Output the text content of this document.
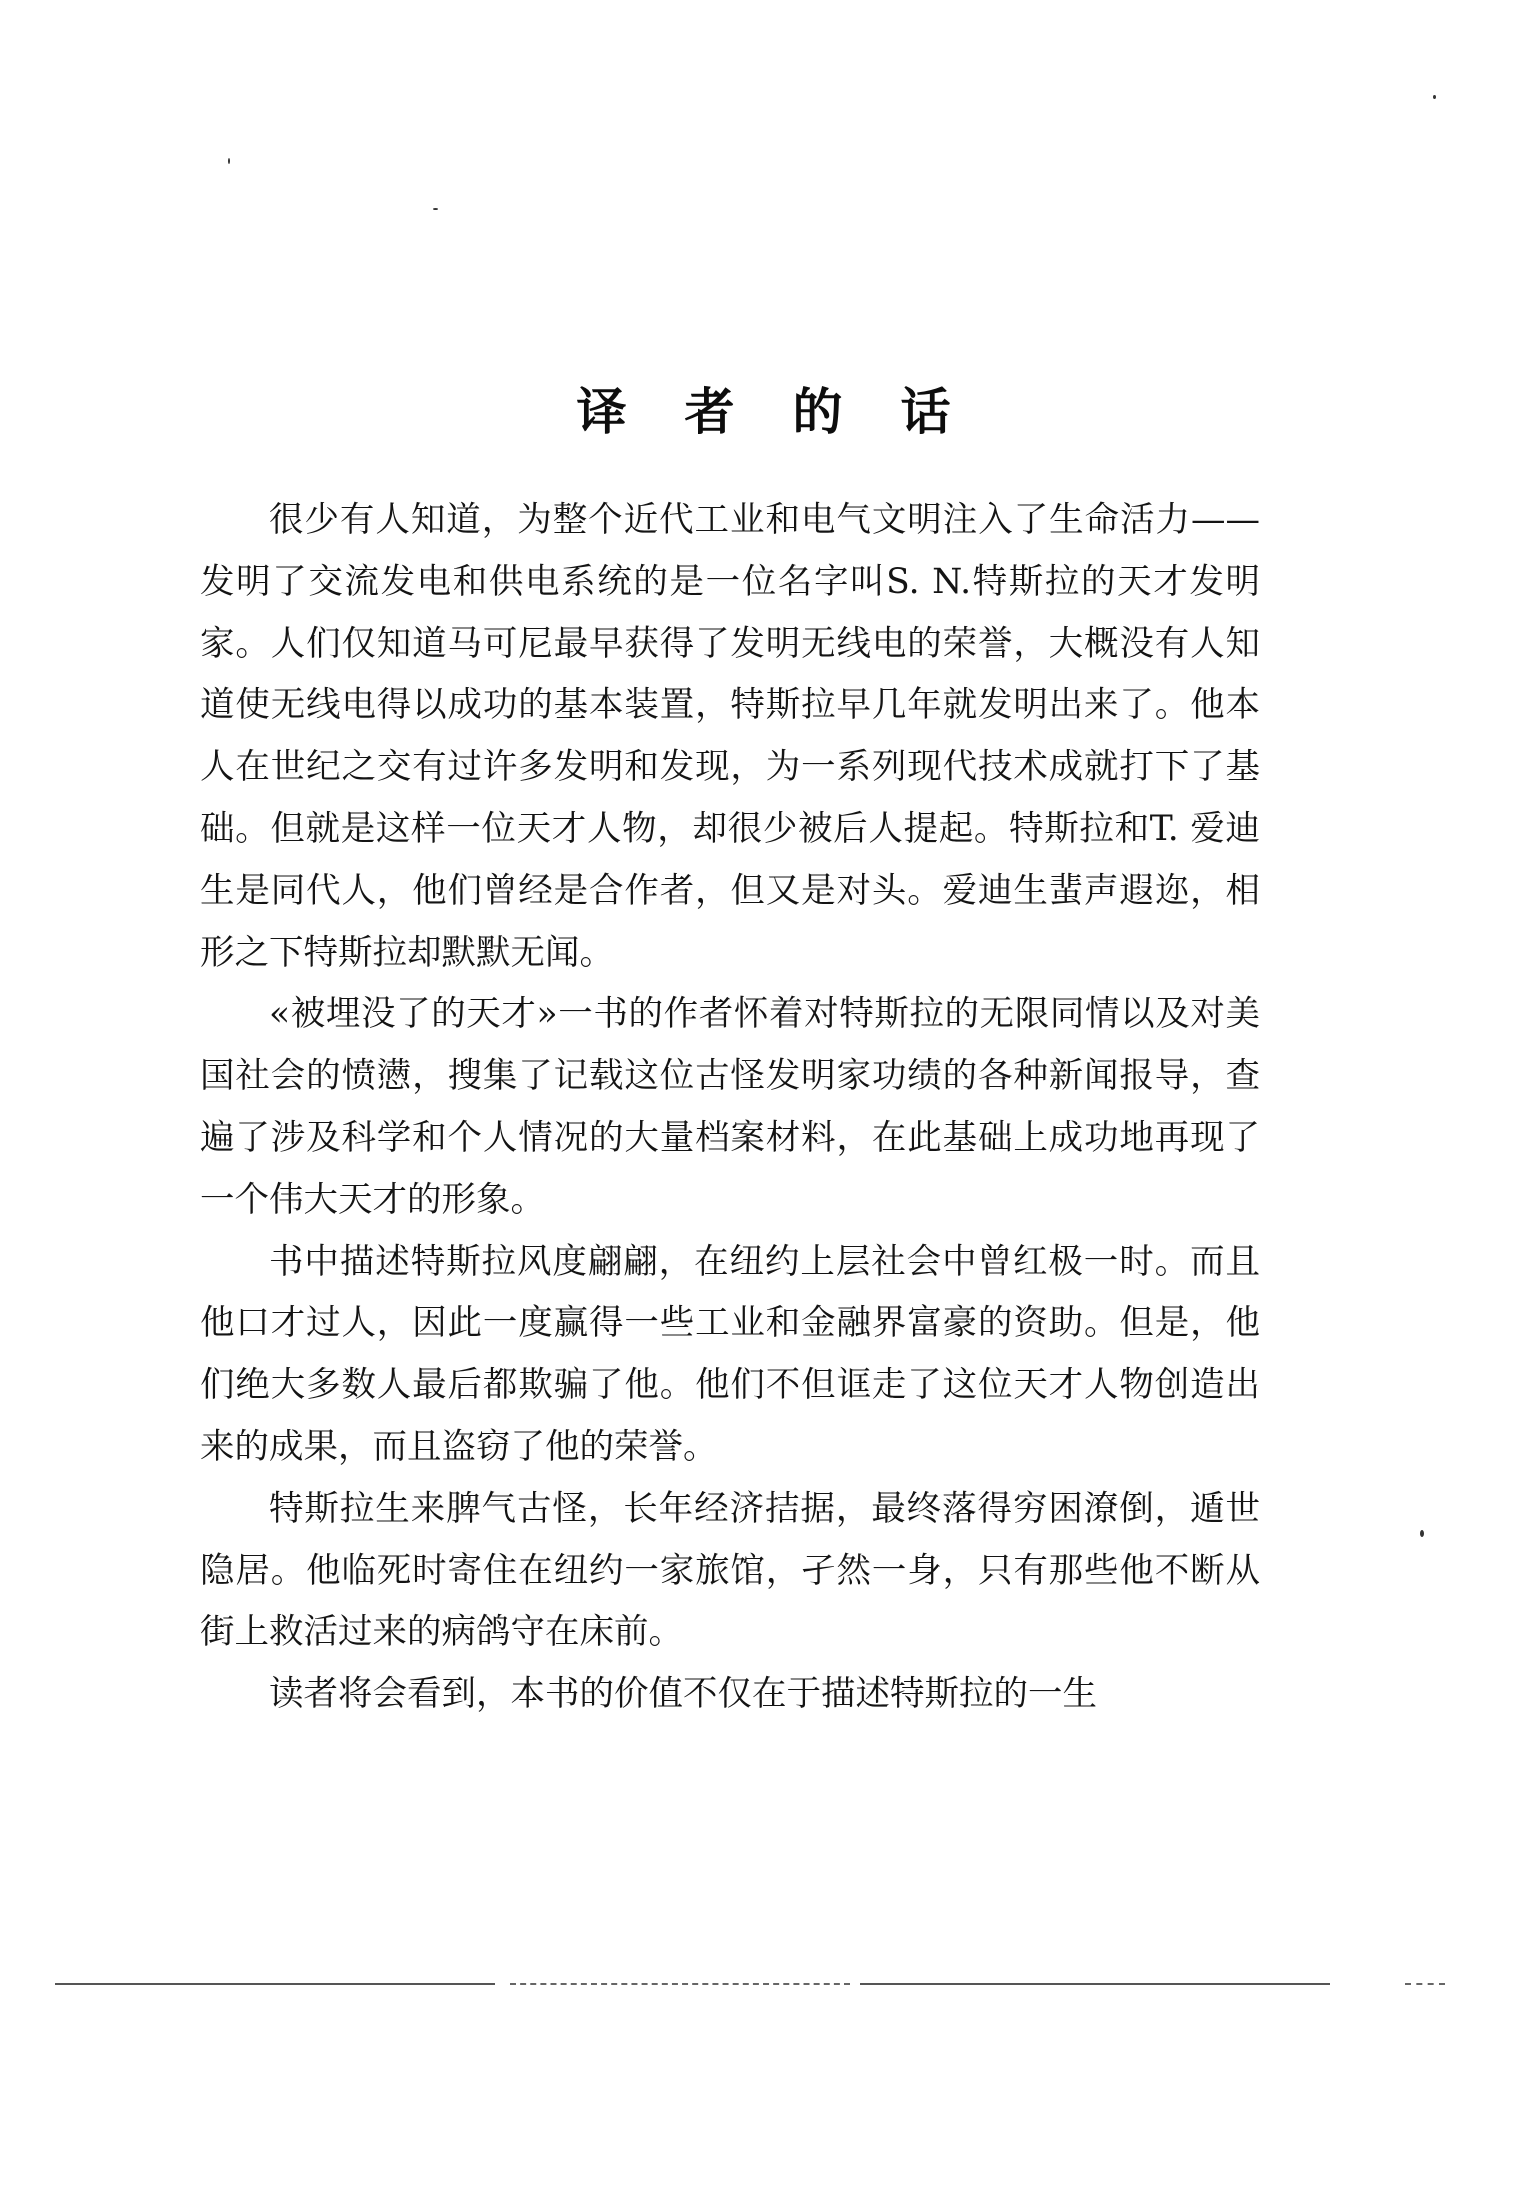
译者的话

很少有人知道，为整个近代工业和电气文明注入了生命活力——发明了交流发电和供电系统的是一位名字叫S. N.特斯拉的天才发明家。人们仅知道马可尼最早获得了发明无线电的荣誉，大概没有人知道使无线电得以成功的基本装置，特斯拉早几年就发明出来了。他本人在世纪之交有过许多发明和发现，为一系列现代技术成就打下了基础。但就是这样一位天才人物，却很少被后人提起。特斯拉和T. 爱迪生是同代人，他们曾经是合作者，但又是对头。爱迪生蜚声遐迩，相形之下特斯拉却默默无闻。

«被埋没了的天才»一书的作者怀着对特斯拉的无限同情以及对美国社会的愤懑，搜集了记载这位古怪发明家功绩的各种新闻报导，查遍了涉及科学和个人情况的大量档案材料，在此基础上成功地再现了一个伟大天才的形象。

书中描述特斯拉风度翩翩，在纽约上层社会中曾红极一时。而且他口才过人，因此一度赢得一些工业和金融界富豪的资助。但是，他们绝大多数人最后都欺骗了他。他们不但诓走了这位天才人物创造出来的成果，而且盗窃了他的荣誉。

特斯拉生来脾气古怪，长年经济拮据，最终落得穷困潦倒，遁世隐居。他临死时寄住在纽约一家旅馆，孑然一身，只有那些他不断从街上救活过来的病鸽守在床前。

读者将会看到，本书的价值不仅在于描述特斯拉的一生
